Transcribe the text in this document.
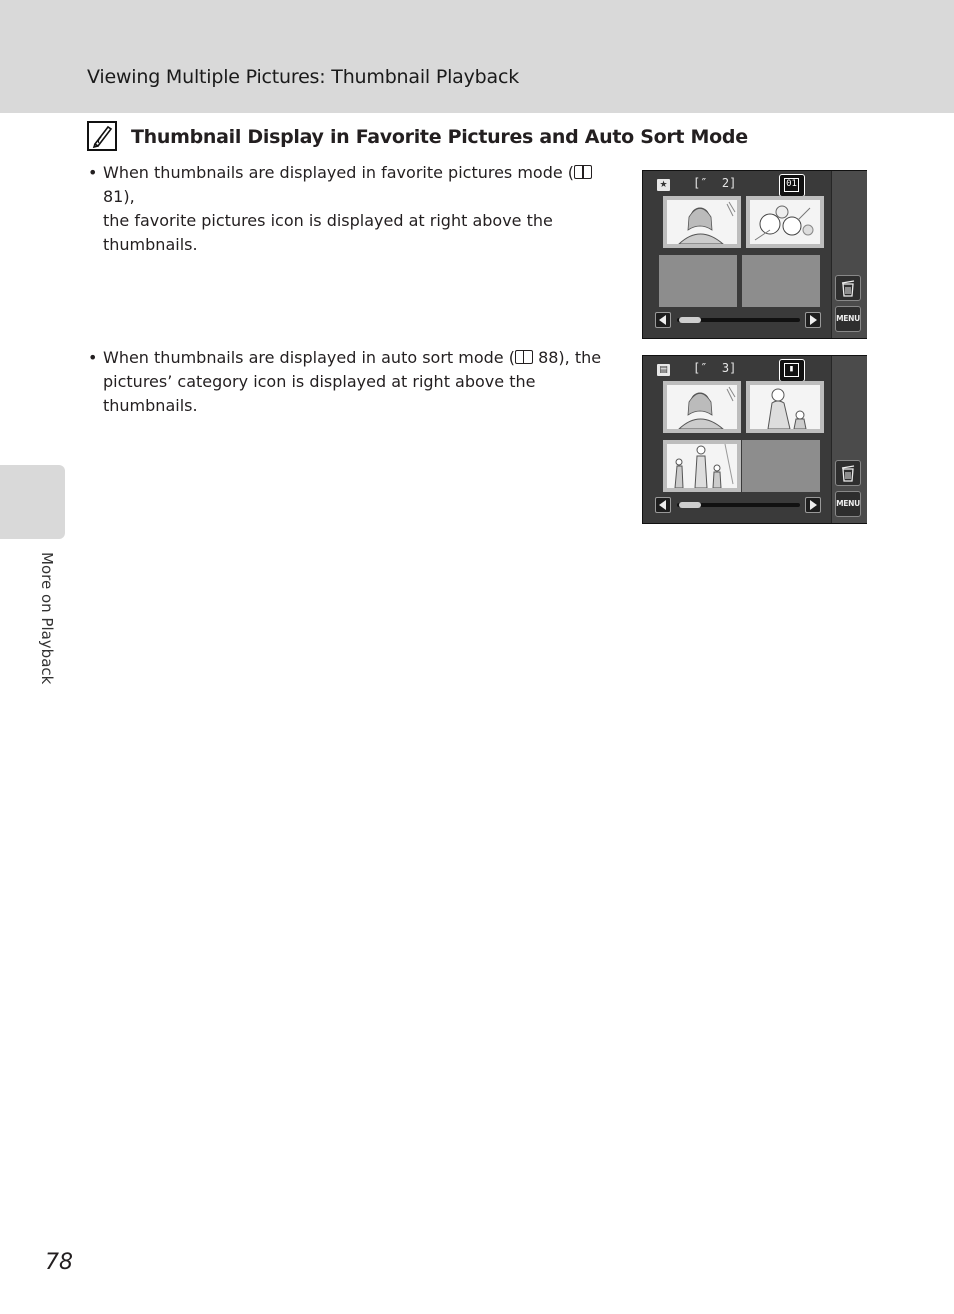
Viewing Multiple Pictures: Thumbnail Playback
More on Playback
Thumbnail Display in Favorite Pictures and Auto Sort Mode
• When thumbnails are displayed in favorite pictures mode ( 81),
the favorite pictures icon is displayed at right above the
thumbnails.
• When thumbnails are displayed in auto sort mode ( 88), the
pictures’ category icon is displayed at right above the thumbnails.
★ [″  2]	01
MENU
▤ [″  3]	▮
MENU
78
